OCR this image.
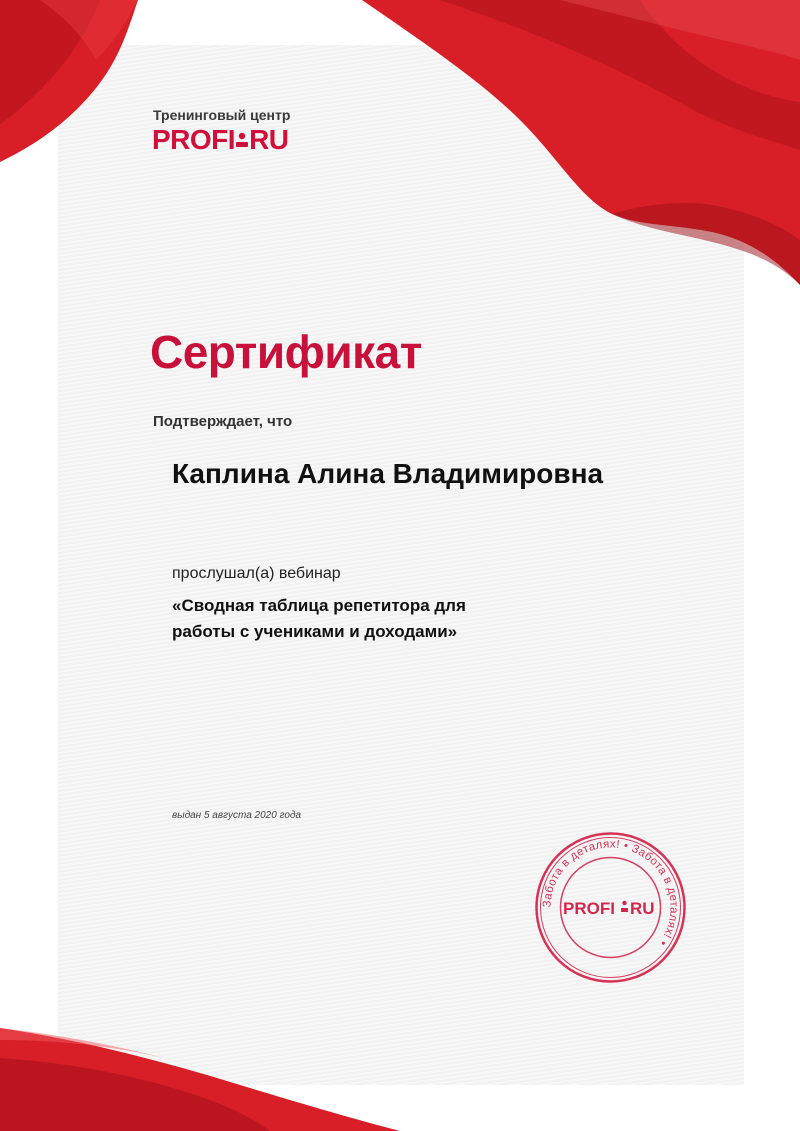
Тренинговый центр
PROFI RU
Сертификат
Подтверждает, что
Каплина Алина Владимировна
прослушал(а) вебинар
«Сводная таблица репетитора для
работы с учениками и доходами»
выдан 5 августа 2020 года
Забота в деталях! • Забота в деталях! •
PROFI RU
